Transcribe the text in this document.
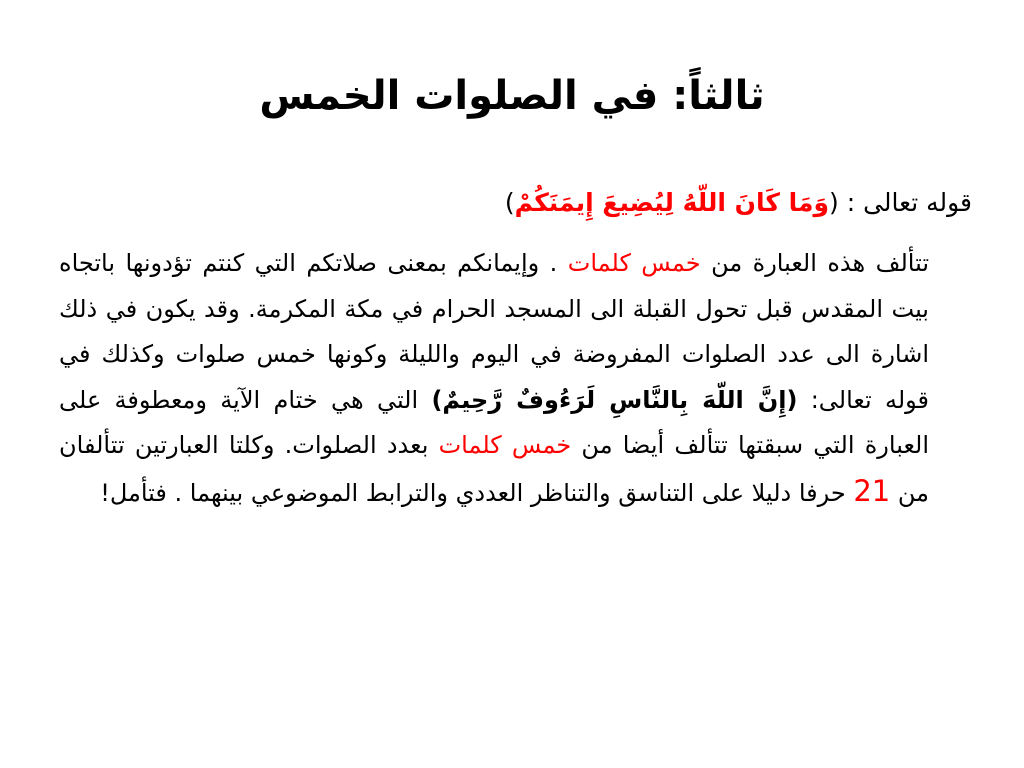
ثالثاً: في الصلوات الخمس

قوله تعالى : (وَمَا كَانَ اللّهُ لِيُضِيعَ إِيمَنَكُمْ)

تتألف هذه العبارة من خمس كلمات . وإيمانكم بمعنى صلاتكم التي كنتم تؤدونها باتجاه بيت المقدس قبل تحول القبلة الى المسجد الحرام في مكة المكرمة. وقد يكون في ذلك اشارة الى عدد الصلوات المفروضة في اليوم والليلة وكونها خمس صلوات وكذلك في قوله تعالى: (إِنَّ اللّهَ بِالنَّاسِ لَرَءُوفٌ رَّحِيمٌ) التي هي ختام الآية ومعطوفة على العبارة التي سبقتها تتألف أيضا من خمس كلمات بعدد الصلوات. وكلتا العبارتين تتألفان من 21 حرفا دليلا على التناسق والتناظر العددي والترابط الموضوعي بينهما . فتأمل!
